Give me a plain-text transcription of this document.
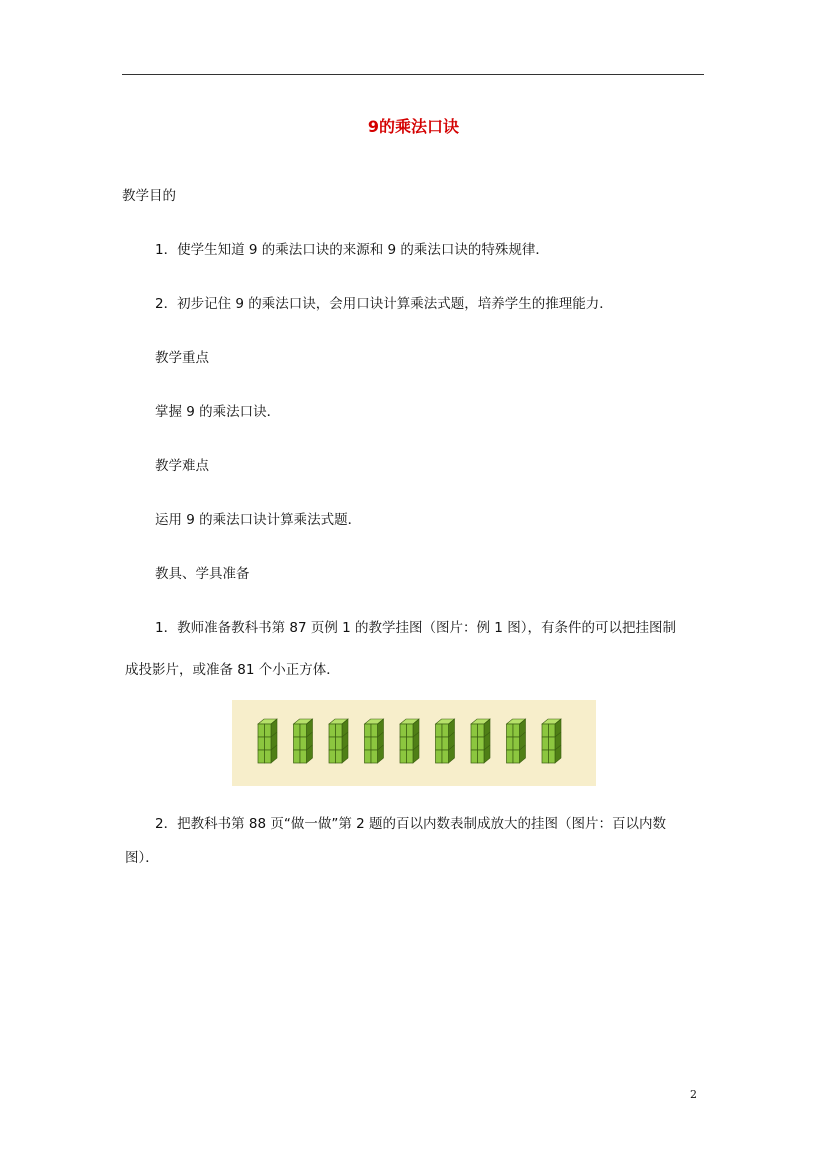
9的乘法口诀
教学目的
1．使学生知道 9 的乘法口诀的来源和 9 的乘法口诀的特殊规律．
2．初步记住 9 的乘法口诀，会用口诀计算乘法式题，培养学生的推理能力．
教学重点
掌握 9 的乘法口诀．
教学难点
运用 9 的乘法口诀计算乘法式题．
教具、学具准备
1．教师准备教科书第 87 页例 1 的教学挂图（图片：例 1 图），有条件的可以把挂图制
成投影片，或准备 81 个小正方体．
2．把教科书第 88 页“做一做”第 2 题的百以内数表制成放大的挂图（图片：百以内数
图）．
2
